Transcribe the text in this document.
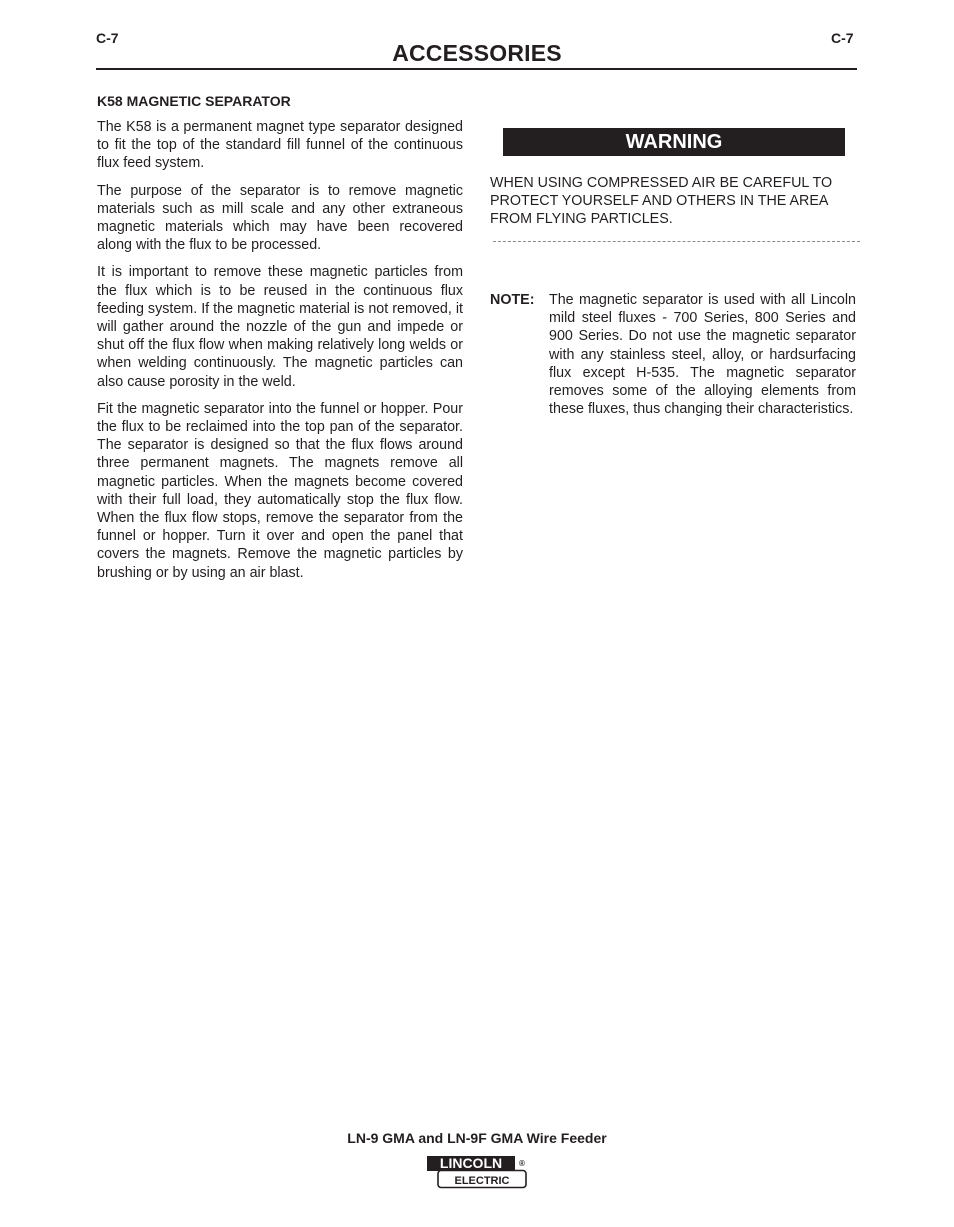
C-7	C-7
ACCESSORIES
K58 MAGNETIC SEPARATOR

The K58 is a permanent magnet type separator designed to fit the top of the standard fill funnel of the continuous flux feed system.

The purpose of the separator is to remove magnetic materials such as mill scale and any other extraneous magnetic materials which may have been recovered along with the flux to be processed.

It is important to remove these magnetic particles from the flux which is to be reused in the continuous flux feeding system. If the magnetic material is not removed, it will gather around the nozzle of the gun and impede or shut off the flux flow when making relatively long welds or when welding continuously. The magnetic particles can also cause porosity in the weld.

Fit the magnetic separator into the funnel or hopper. Pour the flux to be reclaimed into the top pan of the separator. The separator is designed so that the flux flows around three permanent magnets. The magnets remove all magnetic particles. When the magnets become covered with their full load, they automatically stop the flux flow. When the flux flow stops, remove the separator from the funnel or hopper. Turn it over and open the panel that covers the magnets. Remove the magnetic particles by brushing or by using an air blast.

WARNING
WHEN USING COMPRESSED AIR BE CAREFUL TO PROTECT YOURSELF AND OTHERS IN THE AREA FROM FLYING PARTICLES.
NOTE:	The magnetic separator is used with all Lincoln mild steel fluxes - 700 Series, 800 Series and 900 Series. Do not use the magnetic separator with any stainless steel, alloy, or hardsurfacing flux except H-535. The magnetic separator removes some of the alloying elements from these fluxes, thus changing their characteristics.
LN-9 GMA and LN-9F GMA Wire Feeder
LINCOLN
ELECTRIC
®
